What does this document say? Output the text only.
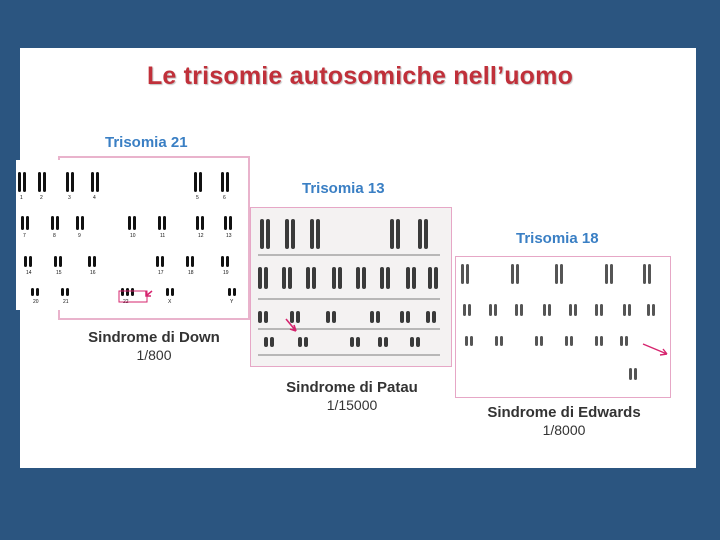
Le trisomie autosomiche nell’uomo
Trisomia 21
1	2	3	4	5	6
7	8	9	10	11	12	13
14	15	16	17	18	19
20	21	22	X	Y
Sindrome di Down
1/800
Trisomia 13
Sindrome di Patau
1/15000
Trisomia 18
Sindrome di Edwards
1/8000
